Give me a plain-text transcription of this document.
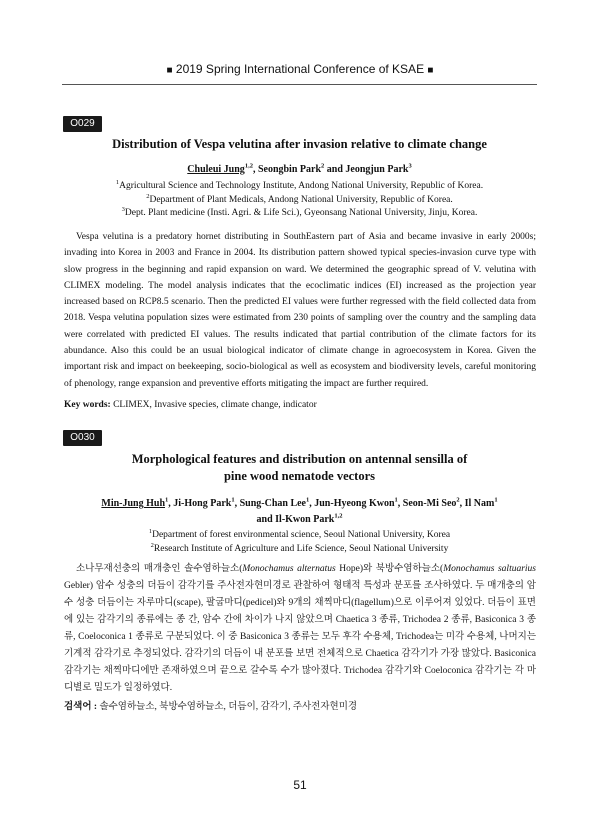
■ 2019 Spring International Conference of KSAE ■
O029
Distribution of Vespa velutina after invasion relative to climate change
Chuleui Jung$^{1,2}$, Seongbin Park$^2$ and Jeongjun Park$^3$
$^1$Agricultural Science and Technology Institute, Andong National University, Republic of Korea.
$^2$Department of Plant Medicals, Andong National University, Republic of Korea.
$^3$Dept. Plant medicine (Insti. Agri. & Life Sci.), Gyeonsang National University, Jinju, Korea.
Vespa velutina is a predatory hornet distributing in SouthEastern part of Asia and became invasive in early 2000s; invading into Korea in 2003 and France in 2004. Its distribution pattern showed typical species-invasion curve type with slow progress in the beginning and rapid expansion on ward. We determined the geographic spread of V. velutina with CLIMEX modeling. The model analysis indicates that the ecoclimatic indices (EI) increased as the projection year increased based on RCP8.5 scenario. Then the predicted EI values were further regressed with the field collected data from 2018. Vespa velutina population sizes were estimated from 230 points of sampling over the country and the sampling data were correlated with predicted EI values. The results indicated that partial contribution of the climate factors for its abundance. Also this could be an usual biological indicator of climate change in agroecosystem in Korea. Given the important risk and impact on beekeeping, socio-biological as well as ecosystem and biodiversity levels, careful monitoring of phenology, range expansion and preventive efforts mitigating the impact are further required.
Key words: CLIMEX, Invasive species, climate change, indicator
O030
Morphological features and distribution on antennal sensilla of
pine wood nematode vectors
Min-Jung Huh$^1$, Ji-Hong Park$^1$, Sung-Chan Lee$^1$, Jun-Hyeong Kwon$^1$, Seon-Mi Seo$^2$, Il Nam$^1$
and Il-Kwon Park$^{1,2}$
$^1$Department of forest environmental science, Seoul National University, Korea
$^2$Research Institute of Agriculture and Life Science, Seoul National University
소나무재선충의 매개충인 솔수염하늘소(Monochamus alternatus Hope)와 북방수염하늘소(Monochamus saltuarius Gebler) 암수 성충의 더듬이 감각기를 주사전자현미경로 관찰하여 형태적 특성과 분포를 조사하였다. 두 매개충의 암수 성충 더듬이는 자루마디(scape), 팔굽마디(pedicel)와 9개의 채찍마디(flagellum)으로 이루어져 있었다. 더듬이 표면에 있는 감각기의 종류에는 종 간, 암수 간에 차이가 나지 않았으며 Chaetica 3 종류, Trichodea 2 종류, Basiconica 3 종류, Coeloconica 1 종류로 구분되었다. 이 중 Basiconica 3 종류는 모두 후각 수용체, Trichodea는 미각 수용체, 나머지는 기계적 감각기로 추정되었다. 감각기의 더듬이 내 분포를 보면 전체적으로 Chaetica 감각기가 가장 많았다. Basiconica 감각기는 채찍마디에만 존재하였으며 끝으로 갈수록 수가 많아졌다. Trichodea 감각기와 Coeloconica 감각기는 각 마디별로 밀도가 일정하였다.
검색어 : 솔수염하늘소, 북방수염하늘소, 더듬이, 감각기, 주사전자현미경
51
